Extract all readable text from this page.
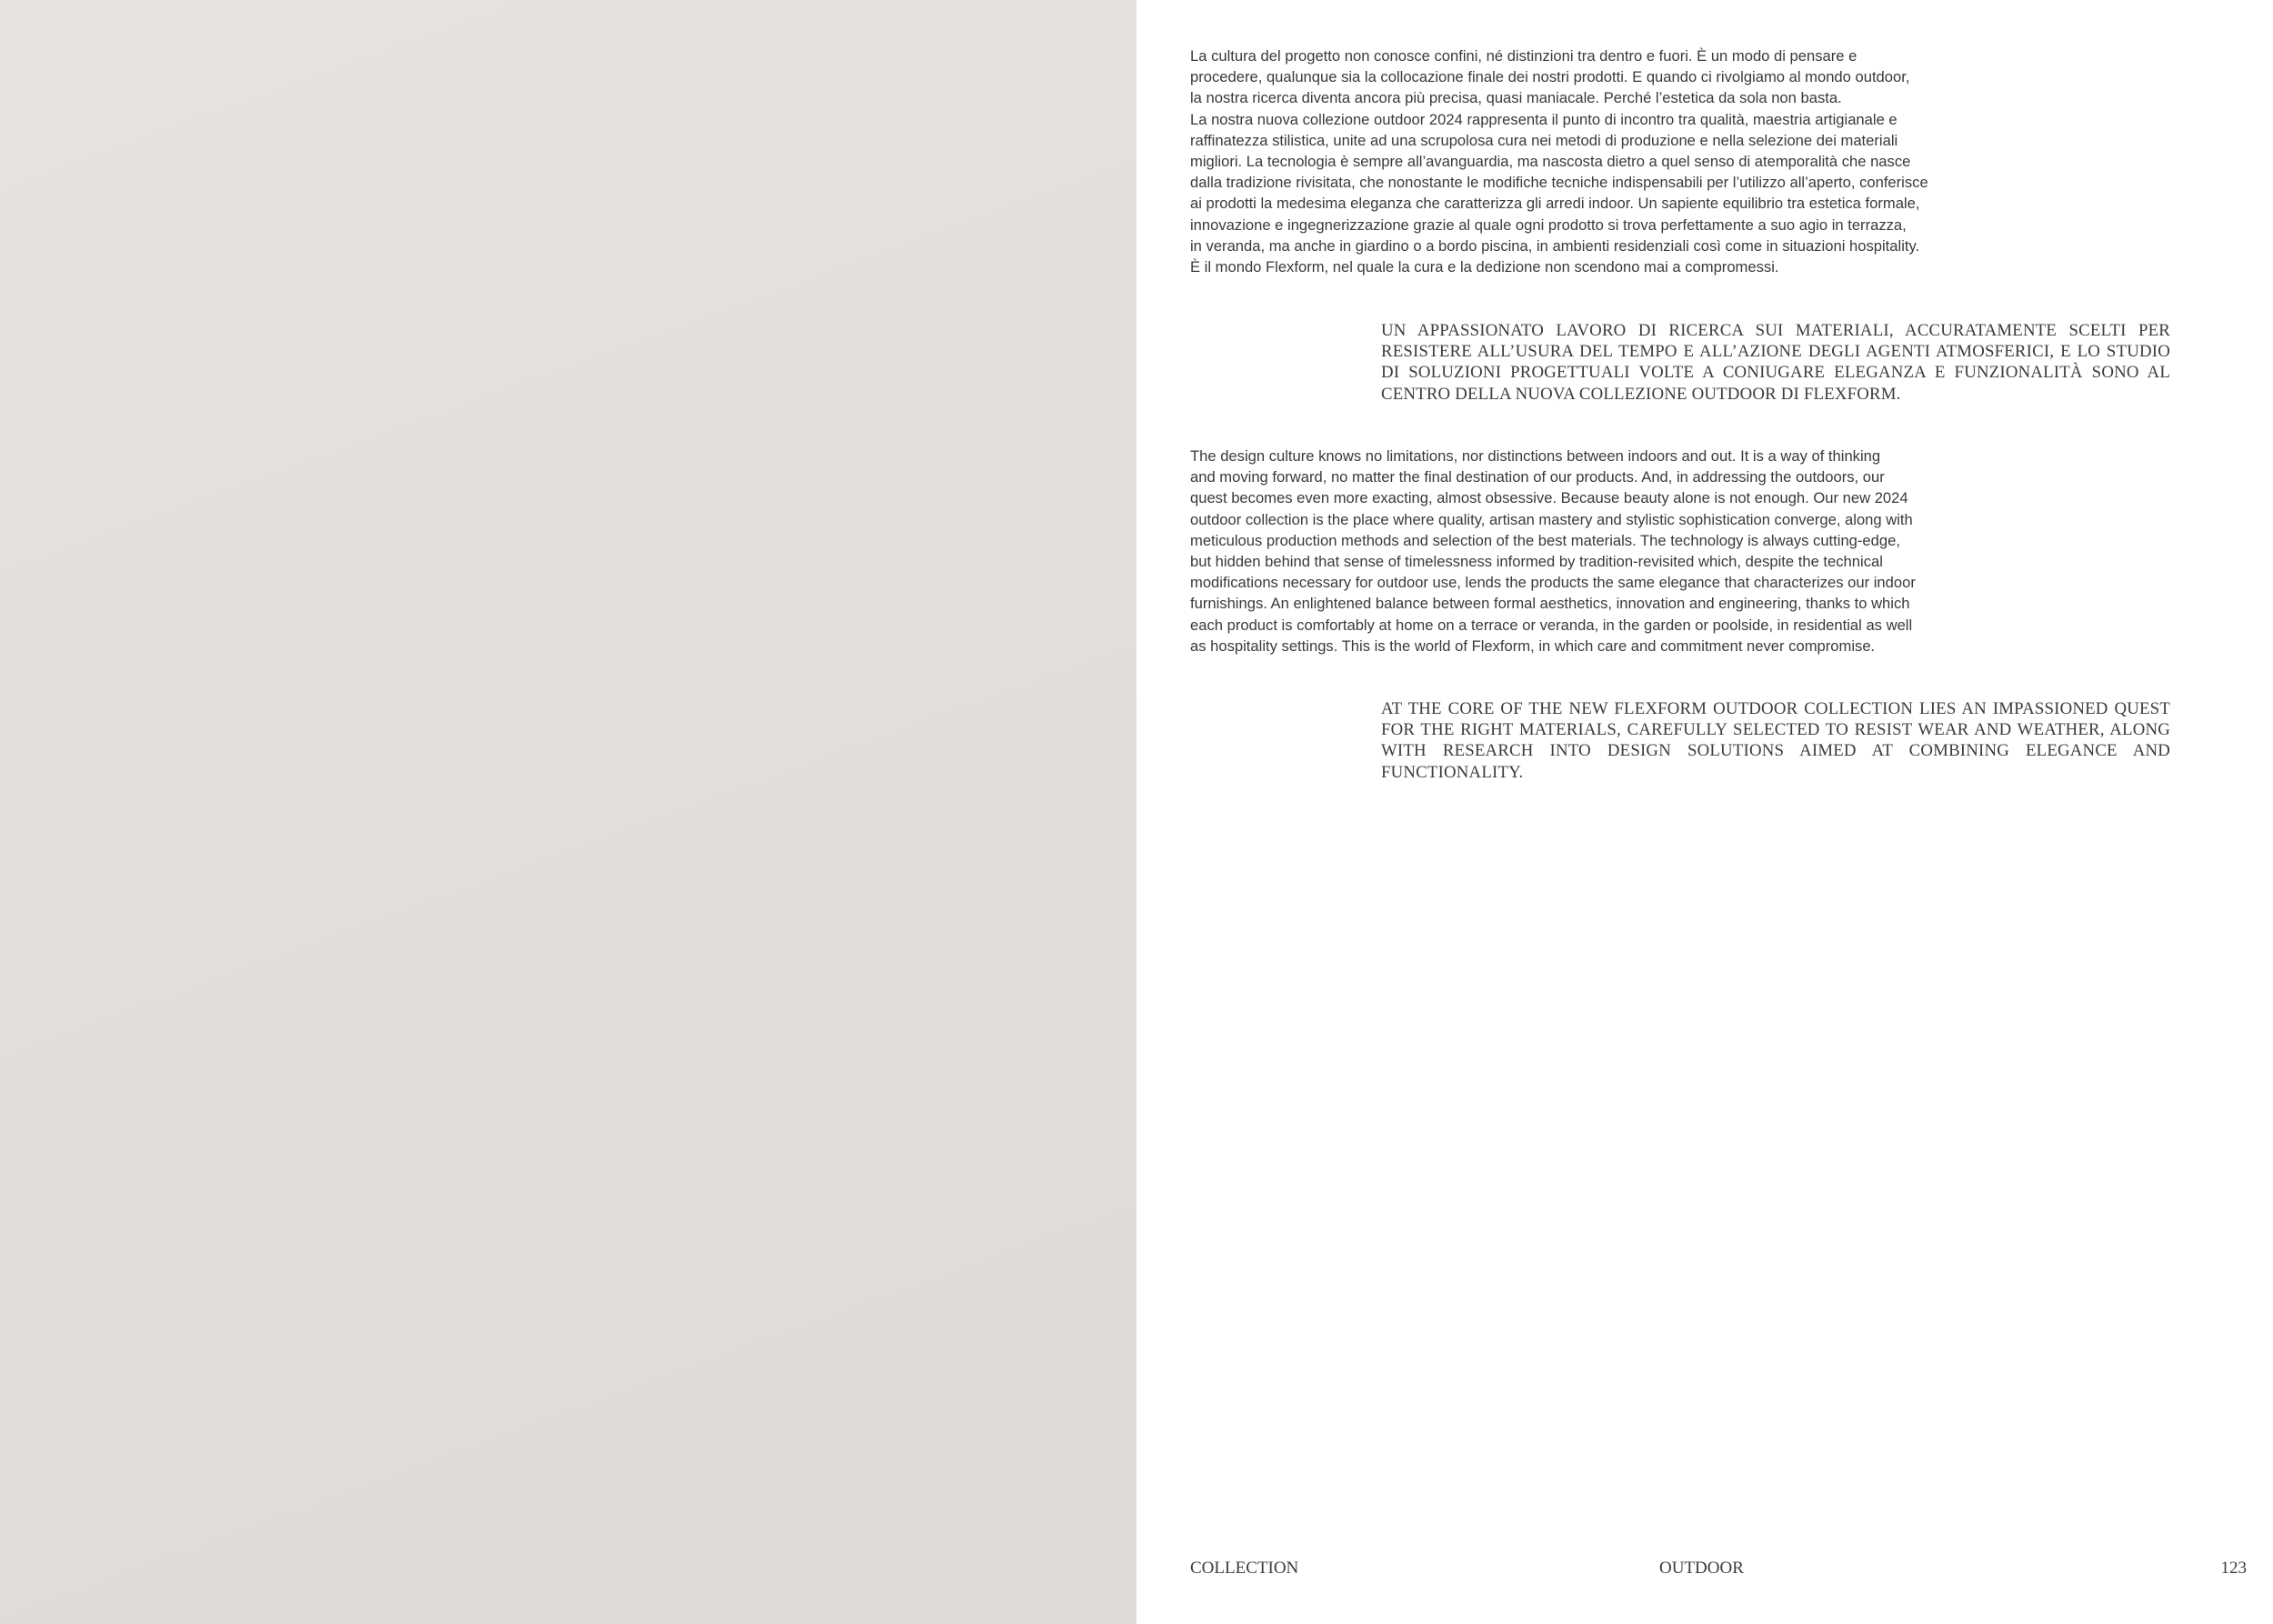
La cultura del progetto non conosce confini, né distinzioni tra dentro e fuori. È un modo di pensare e
procedere, qualunque sia la collocazione finale dei nostri prodotti. E quando ci rivolgiamo al mondo outdoor,
la nostra ricerca diventa ancora più precisa, quasi maniacale. Perché l’estetica da sola non basta.
La nostra nuova collezione outdoor 2024 rappresenta il punto di incontro tra qualità, maestria artigianale e
raffinatezza stilistica, unite ad una scrupolosa cura nei metodi di produzione e nella selezione dei materiali
migliori. La tecnologia è sempre all’avanguardia, ma nascosta dietro a quel senso di atemporalità che nasce
dalla tradizione rivisitata, che nonostante le modifiche tecniche indispensabili per l’utilizzo all’aperto, conferisce
ai prodotti la medesima eleganza che caratterizza gli arredi indoor. Un sapiente equilibrio tra estetica formale,
innovazione e ingegnerizzazione grazie al quale ogni prodotto si trova perfettamente a suo agio in terrazza,
in veranda, ma anche in giardino o a bordo piscina, in ambienti residenziali così come in situazioni hospitality.
È il mondo Flexform, nel quale la cura e la dedizione non scendono mai a compromessi.

UN APPASSIONATO LAVORO DI RICERCA SUI MATERIALI, ACCURATAMENTE SCELTI PER RESISTERE ALL’USURA DEL TEMPO E ALL’AZIONE DEGLI AGENTI ATMOSFERICI, E LO STUDIO DI SOLUZIONI PROGETTUALI VOLTE A CONIUGARE ELEGANZA E FUNZIONALITÀ SONO AL CENTRO DELLA NUOVA COLLEZIONE OUTDOOR DI FLEXFORM.

The design culture knows no limitations, nor distinctions between indoors and out. It is a way of thinking
and moving forward, no matter the final destination of our products. And, in addressing the outdoors, our
quest becomes even more exacting, almost obsessive. Because beauty alone is not enough. Our new 2024
outdoor collection is the place where quality, artisan mastery and stylistic sophistication converge, along with
meticulous production methods and selection of the best materials. The technology is always cutting-edge,
but hidden behind that sense of timelessness informed by tradition-revisited which, despite the technical
modifications necessary for outdoor use, lends the products the same elegance that characterizes our indoor
furnishings. An enlightened balance between formal aesthetics, innovation and engineering, thanks to which
each product is comfortably at home on a terrace or veranda, in the garden or poolside, in residential as well
as hospitality settings. This is the world of Flexform, in which care and commitment never compromise.

AT THE CORE OF THE NEW FLEXFORM OUTDOOR COLLECTION LIES AN IMPASSIONED QUEST FOR THE RIGHT MATERIALS, CAREFULLY SELECTED TO RESIST WEAR AND WEATHER, ALONG WITH RESEARCH INTO DESIGN SOLUTIONS AIMED AT COMBINING ELEGANCE AND FUNCTIONALITY.

COLLECTION	OUTDOOR	123
